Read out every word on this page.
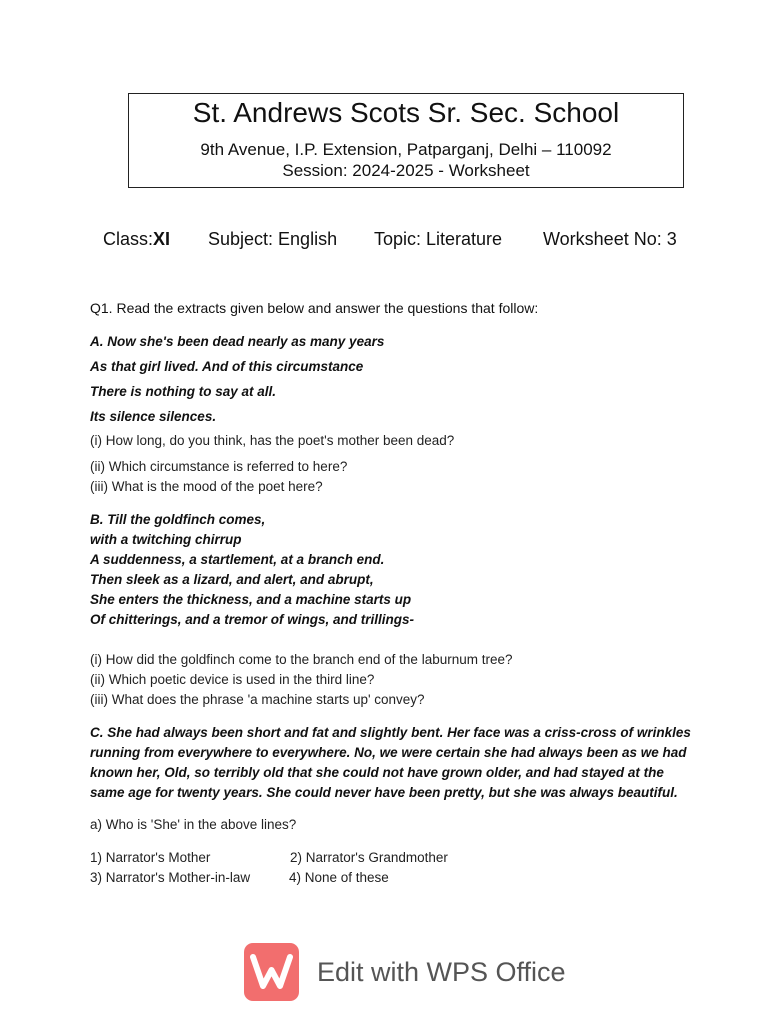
St. Andrews Scots Sr. Sec. School
9th Avenue, I.P. Extension, Patparganj, Delhi – 110092
Session: 2024-2025 - Worksheet
Class:XI Subject: English Topic: Literature Worksheet No: 3
Q1. Read the extracts given below and answer the questions that follow:
A. Now she's been dead nearly as many years
As that girl lived. And of this circumstance
There is nothing to say at all.
Its silence silences.
(i) How long, do you think, has the poet's mother been dead?
(ii) Which circumstance is referred to here?
(iii) What is the mood of the poet here?
B. Till the goldfinch comes,
with a twitching chirrup
A suddenness, a startlement, at a branch end.
Then sleek as a lizard, and alert, and abrupt,
She enters the thickness, and a machine starts up
Of chitterings, and a tremor of wings, and trillings-
(i) How did the goldfinch come to the branch end of the laburnum tree?
(ii) Which poetic device is used in the third line?
(iii) What does the phrase 'a machine starts up' convey?
C. She had always been short and fat and slightly bent. Her face was a criss-cross of wrinkles
running from everywhere to everywhere. No, we were certain she had always been as we had
known her, Old, so terribly old that she could not have grown older, and had stayed at the
same age for twenty years. She could never have been pretty, but she was always beautiful.
a) Who is 'She' in the above lines?
1) Narrator's Mother	2) Narrator's Grandmother
3) Narrator's Mother-in-law	4) None of these
Edit with WPS Office
